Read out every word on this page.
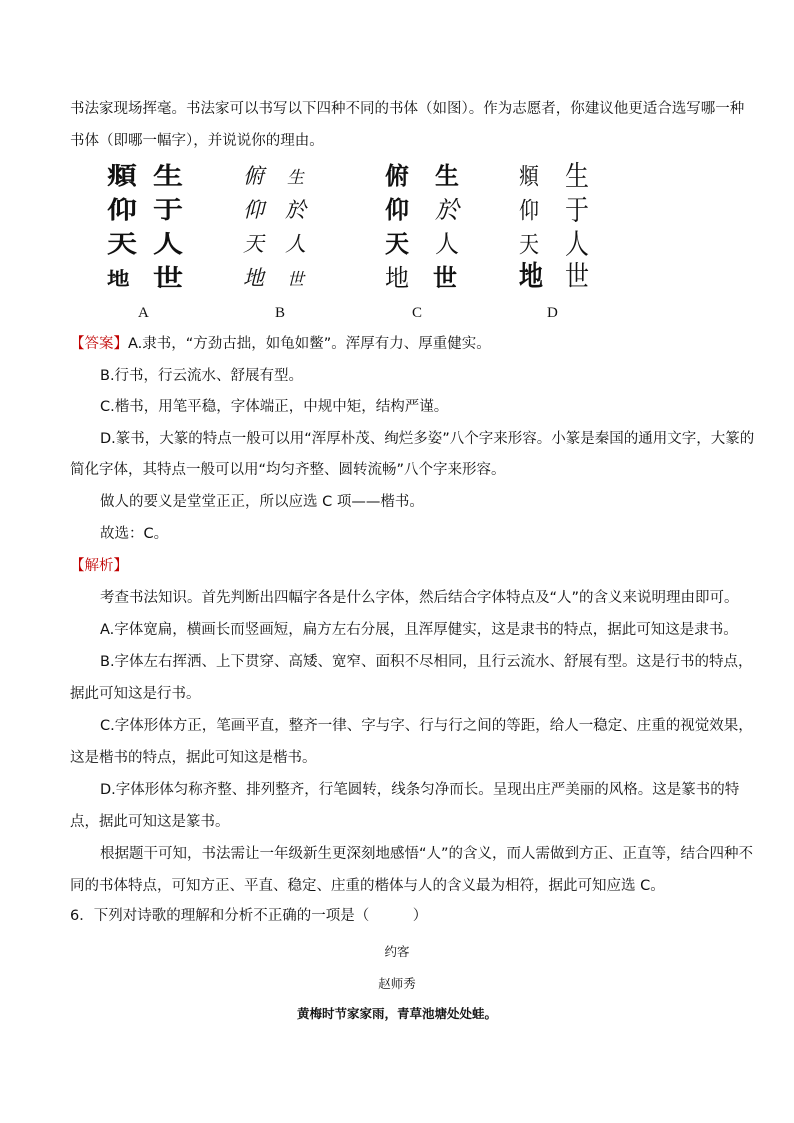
书法家现场挥毫。书法家可以书写以下四种不同的书体（如图）。作为志愿者，你建议他更适合选写哪一种
书体（即哪一幅字），并说说你的理由。
頫 生
仰 于
天 人
地 世
俯 生
仰 於
天 人
地 世
俯 生
仰 於
天 人
地 世
頫 生
仰 于
天 人
地 世
A	B	C	D
【答案】A.隶书，“方劲古拙，如龟如鳖”。浑厚有力、厚重健实。
B.行书，行云流水、舒展有型。
C.楷书，用笔平稳，字体端正，中规中矩，结构严谨。
D.篆书，大篆的特点一般可以用“浑厚朴茂、绚烂多姿”八个字来形容。小篆是秦国的通用文字，大篆的
简化字体，其特点一般可以用“均匀齐整、圆转流畅”八个字来形容。
做人的要义是堂堂正正，所以应选 C 项——楷书。
故选：C。
【解析】
考查书法知识。首先判断出四幅字各是什么字体，然后结合字体特点及“人”的含义来说明理由即可。
A.字体宽扁，横画长而竖画短，扁方左右分展，且浑厚健实，这是隶书的特点，据此可知这是隶书。
B.字体左右挥洒、上下贯穿、高矮、宽窄、面积不尽相同，且行云流水、舒展有型。这是行书的特点，
据此可知这是行书。
C.字体形体方正，笔画平直，整齐一律、字与字、行与行之间的等距，给人一稳定、庄重的视觉效果，
这是楷书的特点，据此可知这是楷书。
D.字体形体匀称齐整、排列整齐，行笔圆转，线条匀净而长。呈现出庄严美丽的风格。这是篆书的特
点，据此可知这是篆书。
根据题干可知，书法需让一年级新生更深刻地感悟“人”的含义，而人需做到方正、正直等，结合四种不
同的书体特点，可知方正、平直、稳定、庄重的楷体与人的含义最为相符，据此可知应选 C。
6．下列对诗歌的理解和分析不正确的一项是（　　　）
约客
赵师秀
黄梅时节家家雨，青草池塘处处蛙。
